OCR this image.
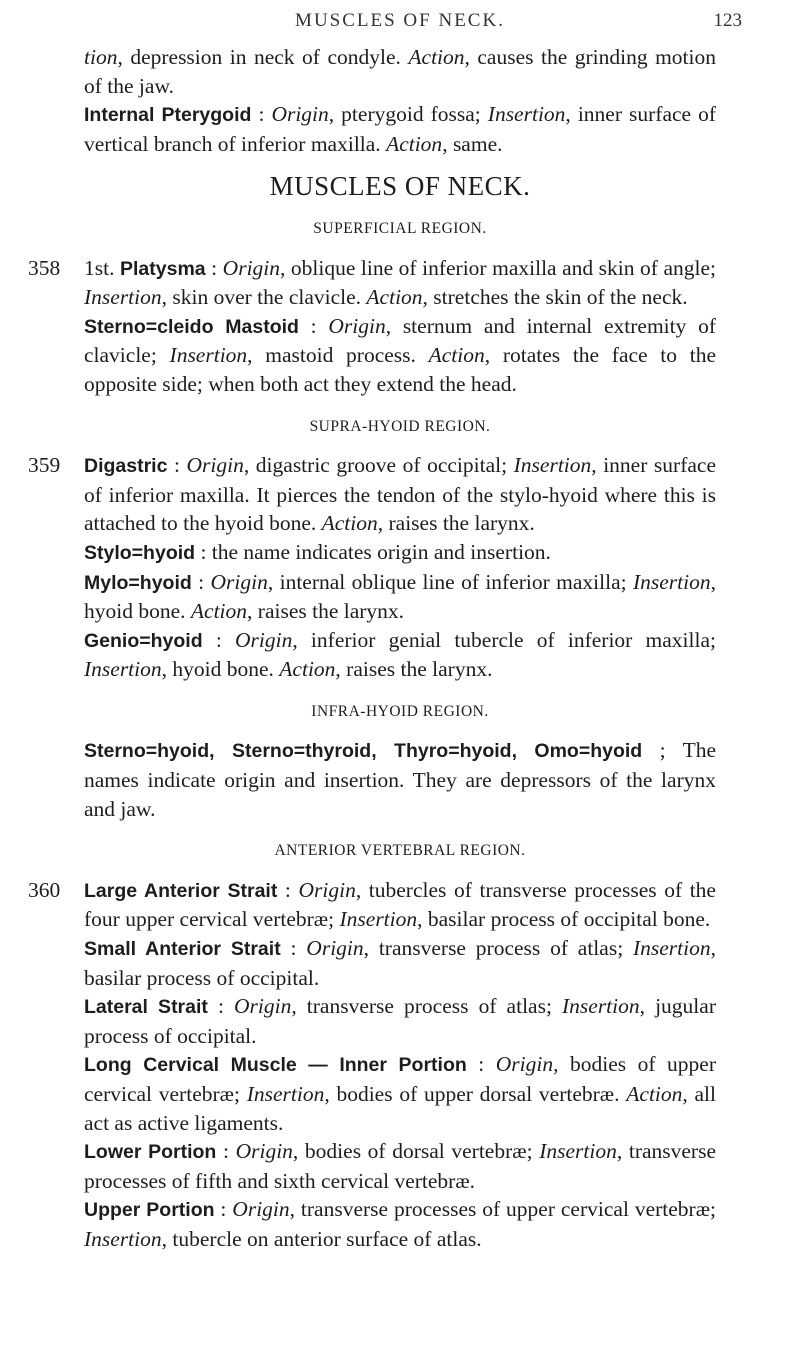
MUSCLES OF NECK.	123

tion, depression in neck of condyle. Action, causes the grinding motion of the jaw.

Internal Pterygoid : Origin, pterygoid fossa; Insertion, inner surface of vertical branch of inferior maxilla. Action, same.

MUSCLES OF NECK.
SUPERFICIAL REGION.
358 1st. Platysma : Origin, oblique line of inferior maxilla and skin of angle; Insertion, skin over the clavicle. Action, stretches the skin of the neck.

Sterno=cleido Mastoid : Origin, sternum and internal extremity of clavicle; Insertion, mastoid process. Action, rotates the face to the opposite side; when both act they extend the head.

SUPRA-HYOID REGION.
359 Digastric : Origin, digastric groove of occipital; Insertion, inner surface of inferior maxilla. It pierces the tendon of the stylo-hyoid where this is attached to the hyoid bone. Action, raises the larynx.

Stylo=hyoid : the name indicates origin and insertion.

Mylo=hyoid : Origin, internal oblique line of inferior maxilla; Insertion, hyoid bone. Action, raises the larynx.

Genio=hyoid : Origin, inferior genial tubercle of inferior maxilla; Insertion, hyoid bone. Action, raises the larynx.

INFRA-HYOID REGION.

Sterno=hyoid, Sterno=thyroid, Thyro=hyoid, Omo=hyoid ; The names indicate origin and insertion. They are depressors of the larynx and jaw.

ANTERIOR VERTEBRAL REGION.
360 Large Anterior Strait : Origin, tubercles of transverse processes of the four upper cervical vertebræ; Insertion, basilar process of occipital bone.

Small Anterior Strait : Origin, transverse process of atlas; Insertion, basilar process of occipital.

Lateral Strait : Origin, transverse process of atlas; Insertion, jugular process of occipital.

Long Cervical Muscle — Inner Portion : Origin, bodies of upper cervical vertebræ; Insertion, bodies of upper dorsal vertebræ. Action, all act as active ligaments.

Lower Portion : Origin, bodies of dorsal vertebræ; Insertion, transverse processes of fifth and sixth cervical vertebræ.

Upper Portion : Origin, transverse processes of upper cervical vertebræ; Insertion, tubercle on anterior surface of atlas.
